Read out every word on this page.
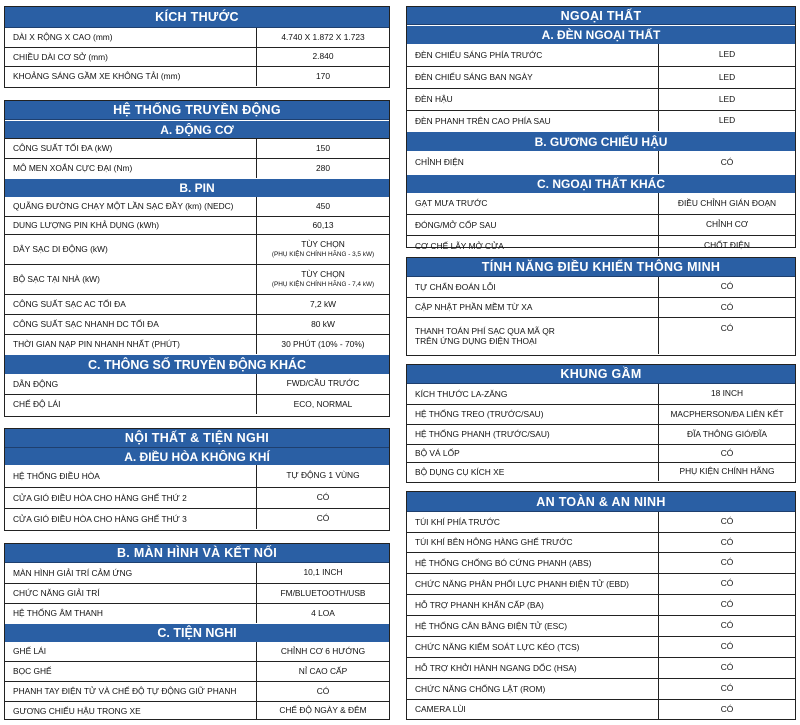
KÍCH THƯỚC
DÀI X RỘNG X CAO (mm)	4.740 X 1.872 X 1.723
CHIỀU DÀI CƠ SỞ (mm)	2.840
KHOẢNG SÁNG GẦM XE KHÔNG TẢI (mm)	170
HỆ THỐNG TRUYỀN ĐỘNG
A. ĐỘNG CƠ
CÔNG SUẤT TỐI ĐA (kW)	150
MÔ MEN XOẮN CỰC ĐẠI (Nm)	280
B. PIN
QUÃNG ĐƯỜNG CHẠY MỘT LẦN SẠC ĐẦY (km) (NEDC)	450
DUNG LƯỢNG PIN KHẢ DỤNG (kWh)	60,13
DÂY SẠC DI ĐỘNG (kW)	TÙY CHỌN
(PHỤ KIỆN CHÍNH HÃNG - 3,5 kW)
BỘ SẠC TẠI NHÀ (kW)	TÙY CHỌN
(PHỤ KIỆN CHÍNH HÃNG - 7,4 kW)
CÔNG SUẤT SẠC AC TỐI ĐA	7,2 kW
CÔNG SUẤT SẠC NHANH DC TỐI ĐA	80 kW
THỜI GIAN NẠP PIN NHANH NHẤT (PHÚT)	30 PHÚT (10% - 70%)
C. THÔNG SỐ TRUYỀN ĐỘNG KHÁC
DẪN ĐỘNG	FWD/CẦU TRƯỚC
CHẾ ĐỘ LÁI	ECO, NORMAL
NỘI THẤT & TIỆN NGHI
A. ĐIỀU HÒA KHÔNG KHÍ
HỆ THỐNG ĐIỀU HÒA	TỰ ĐỘNG 1 VÙNG
CỬA GIÓ ĐIỀU HÒA CHO HÀNG GHẾ THỨ 2	CÓ
CỬA GIÓ ĐIỀU HÒA CHO HÀNG GHẾ THỨ 3	CÓ
B. MÀN HÌNH VÀ KẾT NỐI
MÀN HÌNH GIẢI TRÍ CẢM ỨNG	10,1 INCH
CHỨC NĂNG GIẢI TRÍ	FM/BLUETOOTH/USB
HỆ THỐNG ÂM THANH	4 LOA
C. TIỆN NGHI
GHẾ LÁI	CHỈNH CƠ 6 HƯỚNG
BỌC GHẾ	NỈ CAO CẤP
PHANH TAY ĐIỆN TỬ VÀ CHẾ ĐỘ TỰ ĐỘNG GIỮ PHANH	CÓ
GƯƠNG CHIẾU HẬU TRONG XE	CHẾ ĐỘ NGÀY & ĐÊM
NGOẠI THẤT
A. ĐÈN NGOẠI THẤT
ĐÈN CHIẾU SÁNG PHÍA TRƯỚC	LED
ĐÈN CHIẾU SÁNG BAN NGÀY	LED
ĐÈN HẬU	LED
ĐÈN PHANH TRÊN CAO PHÍA SAU	LED
B. GƯƠNG CHIẾU HẬU
CHỈNH ĐIỆN	CÓ
C. NGOẠI THẤT KHÁC
GẠT MƯA TRƯỚC	ĐIỀU CHỈNH GIÁN ĐOẠN
ĐÓNG/MỞ CỐP SAU	CHỈNH CƠ
CƠ CHẾ LẪY MỞ CỬA	CHỐT ĐIỆN
TÍNH NĂNG ĐIỀU KHIỂN THÔNG MINH
TỰ CHẨN ĐOÁN LỖI	CÓ
CẬP NHẬT PHẦN MỀM TỪ XA	CÓ
THANH TOÁN PHÍ SẠC QUA MÃ QR
TRÊN ỨNG DỤNG ĐIỆN THOẠI
CÓ
KHUNG GẦM
KÍCH THƯỚC LA-ZĂNG	18 INCH
HỆ THỐNG TREO (TRƯỚC/SAU)	MACPHERSON/ĐA LIÊN KẾT
HỆ THỐNG PHANH (TRƯỚC/SAU)	ĐĨA THÔNG GIÓ/ĐĨA
BỘ VÁ LỐP	CÓ
BỘ DỤNG CỤ KÍCH XE	PHỤ KIỆN CHÍNH HÃNG
AN TOÀN & AN NINH
TÚI KHÍ PHÍA TRƯỚC	CÓ
TÚI KHÍ BÊN HÔNG HÀNG GHẾ TRƯỚC	CÓ
HỆ THỐNG CHỐNG BÓ CỨNG PHANH (ABS)	CÓ
CHỨC NĂNG PHÂN PHỐI LỰC PHANH ĐIỆN TỬ (EBD)	CÓ
HỖ TRỢ PHANH KHẨN CẤP (BA)	CÓ
HỆ THỐNG CÂN BẰNG ĐIỆN TỬ (ESC)	CÓ
CHỨC NĂNG KIỂM SOÁT LỰC KÉO (TCS)	CÓ
HỖ TRỢ KHỞI HÀNH NGANG DỐC (HSA)	CÓ
CHỨC NĂNG CHỐNG LẬT (ROM)	CÓ
CAMERA LÙI	CÓ
